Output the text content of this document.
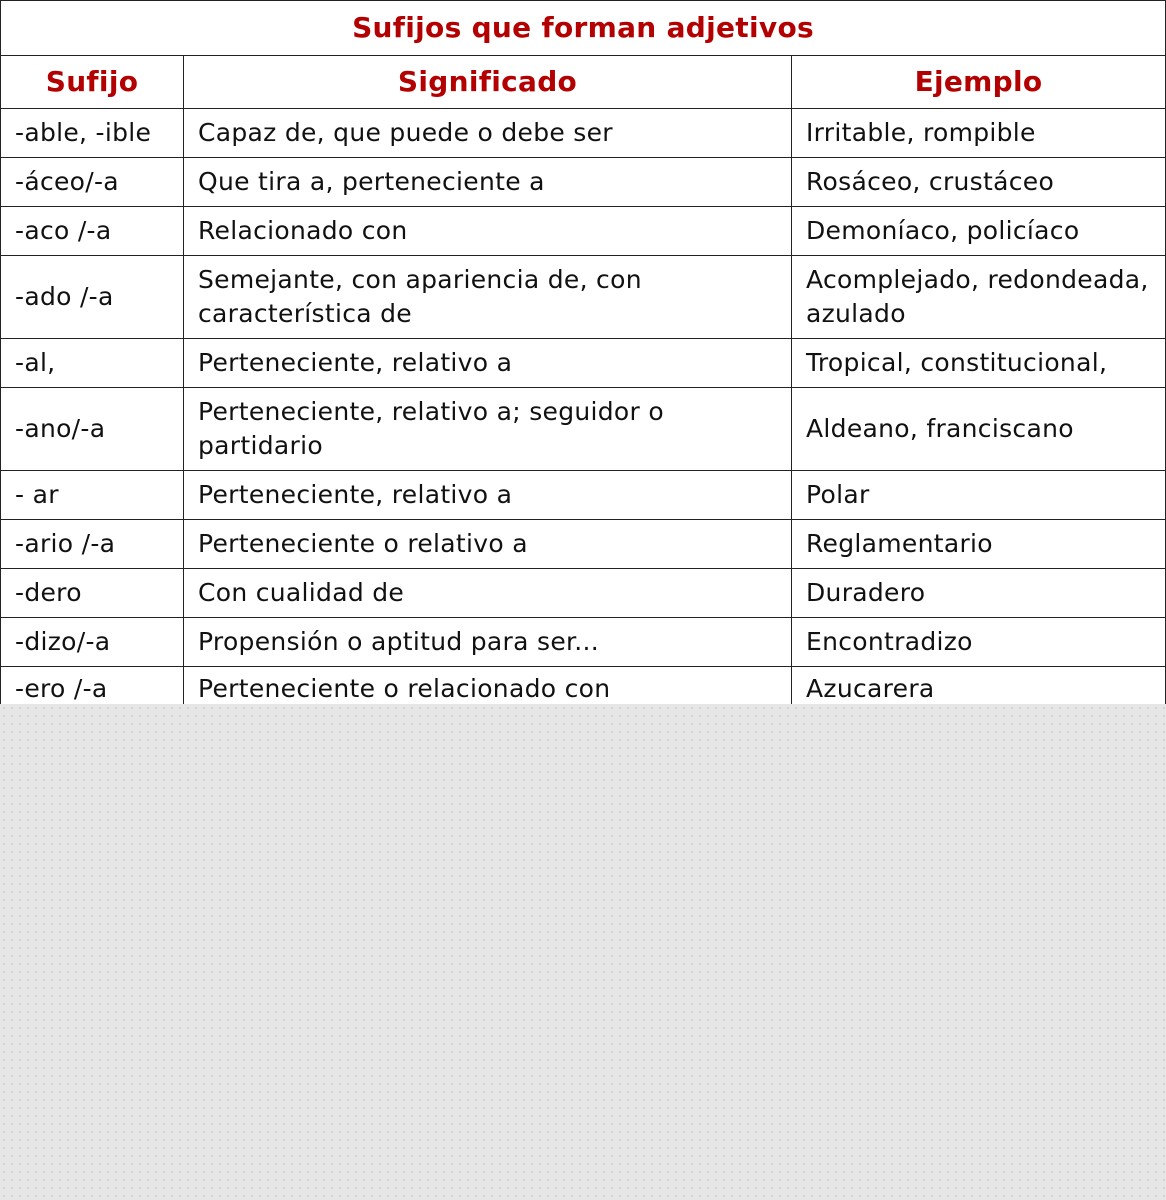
Sufijos que forman adjetivos		
Sufijo	Significado	Ejemplo
-able, -ible	Capaz de, que puede o debe ser	Irritable, rompible
-áceo/-a	Que tira a, perteneciente a	Rosáceo, crustáceo
-aco /-a	Relacionado con	Demoníaco, policíaco
-ado /-a	Semejante, con apariencia de, con característica de	Acomplejado, redondeada, azulado
-al,	Perteneciente, relativo a	Tropical, constitucional,
-ano/-a	Perteneciente, relativo a; seguidor o partidario	Aldeano, franciscano
- ar	Perteneciente, relativo a	Polar
-ario /-a	Perteneciente o relativo a	Reglamentario
-dero	Con cualidad de	Duradero
-dizo/-a	Propensión o aptitud para ser...	Encontradizo
-ero /-a	Perteneciente o relacionado con	Azucarera
